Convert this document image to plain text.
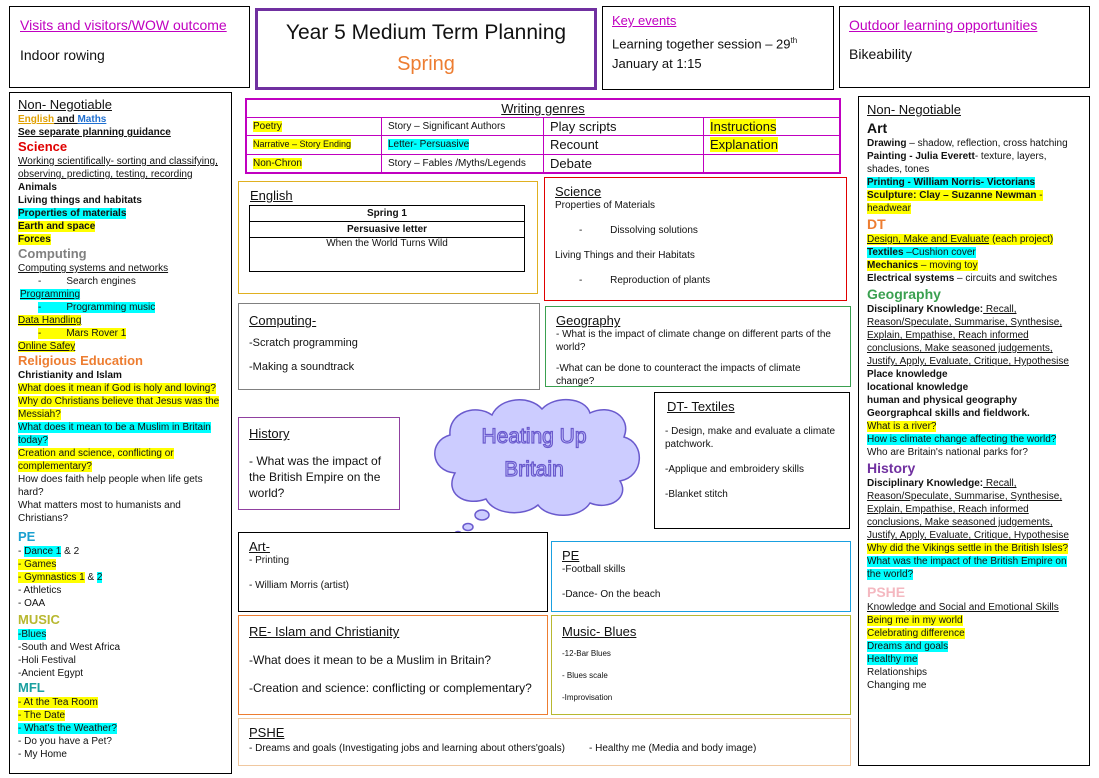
Visits and visitors/WOW outcome
Indoor rowing
Year 5 Medium Term Planning
Spring
Key events
Learning together session – 29th
January at 1:15
Outdoor learning opportunities
Bikeability
Non- Negotiable
English and Maths
See separate planning guidance
Science
Working scientifically- sorting and classifying, observing, predicting, testing, recording
Animals
Living things and habitats
Properties of materials
Earth and space
Forces
Computing
Computing systems and networks
-         Search engines
Programming
-         Programming music
Data Handling
-         Mars Rover 1
Online Safey
Religious Education
Christianity and Islam
What does it mean if God is holy and loving?
Why do Christians believe that Jesus was the Messiah?
What does it mean to be a Muslim in Britain today?
Creation and science, conflicting or complementary?
How does faith help people when life gets hard?
What matters most to humanists and Christians?
PE
- Dance 1 & 2
- Games
- Gymnastics 1 & 2
- Athletics
- OAA
MUSIC
-Blues
-South and West Africa
-Holi Festival
-Ancient Egypt
MFL
- At the Tea Room
- The Date
- What's the Weather?
- Do you have a Pet?
- My Home
Writing genres			
Poetry	Story – Significant Authors	Play scripts	Instructions
Narrative – Story Ending	Letter- Persuasive	Recount	Explanation
Non-Chron	Story – Fables /Myths/Legends	Debate	
English
Spring 1
Persuasive letter
When the World Turns Wild
Science
Properties of Materials
-          Dissolving solutions
Living Things and their Habitats
-          Reproduction of plants
Computing-
-Scratch programming
-Making a soundtrack
Geography
- What is the impact of climate change on different parts of the world?
-What can be done to counteract the impacts of climate change?
Heating Up
Britain
History
- What was the impact of the British Empire on the world?
DT- Textiles
- Design, make and evaluate a climate patchwork.
-Applique and embroidery skills
-Blanket stitch
Art-
- Printing
- William Morris (artist)
PE
-Football skills
-Dance- On the beach
RE- Islam and Christianity
-What does it mean to be a Muslim in Britain?
-Creation and science: conflicting or complementary?
Music- Blues
-12-Bar Blues
- Blues scale
-Improvisation
PSHE
- Dreams and goals (Investigating jobs and learning about others'goals) - Healthy me (Media and body image)
Non- Negotiable
Art
Drawing – shadow, reflection, cross hatching
Painting - Julia Everett- texture, layers, shades, tones
Printing - William Norris- Victorians
Sculpture: Clay – Suzanne Newman - headwear
DT
Design, Make and Evaluate (each project)
Textiles –Cushion cover
Mechanics – moving toy
Electrical systems – circuits and switches
Geography
Disciplinary Knowledge: Recall, Reason/Speculate, Summarise, Synthesise, Explain, Empathise, Reach informed conclusions, Make seasoned judgements, Justify, Apply, Evaluate, Critique, Hypothesise
Place knowledge
locational knowledge
human and physical geography
Georgraphcal skills and fieldwork.
What is a river?
How is climate change affecting the world?
Who are Britain's national parks for?
History
Disciplinary Knowledge: Recall, Reason/Speculate, Summarise, Synthesise, Explain, Empathise, Reach informed conclusions, Make seasoned judgements, Justify, Apply, Evaluate, Critique, Hypothesise
Why did the Vikings settle in the British Isles?
What was the impact of the British Empire on the world?
PSHE
Knowledge and Social and Emotional Skills
Being me in my world
Celebrating difference
Dreams and goals
Healthy me
Relationships
Changing me
